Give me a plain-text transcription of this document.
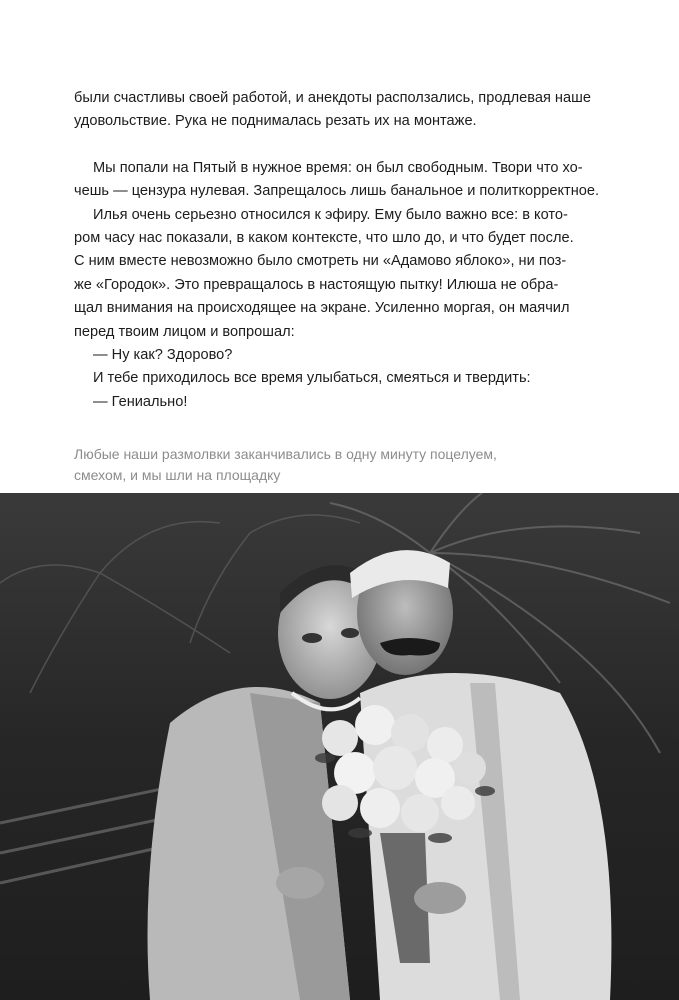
были счастливы своей работой, и анекдоты расползались, продлевая наше
удовольствие. Рука не поднималась резать их на монтаже.

Мы попали на Пятый в нужное время: он был свободным. Твори что хо-
чешь — цензура нулевая. Запрещалось лишь банальное и политкорректное.

Илья очень серьезно относился к эфиру. Ему было важно все: в кото-
ром часу нас показали, в каком контексте, что шло до, и что будет после.
С ним вместе невозможно было смотреть ни «Адамово яблоко», ни поз-
же «Городок». Это превращалось в настоящую пытку! Илюша не обра-
щал внимания на происходящее на экране. Усиленно моргая, он маячил
перед твоим лицом и вопрошал:

— Ну как? Здорово?

И тебе приходилось все время улыбаться, смеяться и твердить:

— Гениально!

Любые наши размолвки заканчивались в одну минуту поцелуем,
смехом, и мы шли на площадку
